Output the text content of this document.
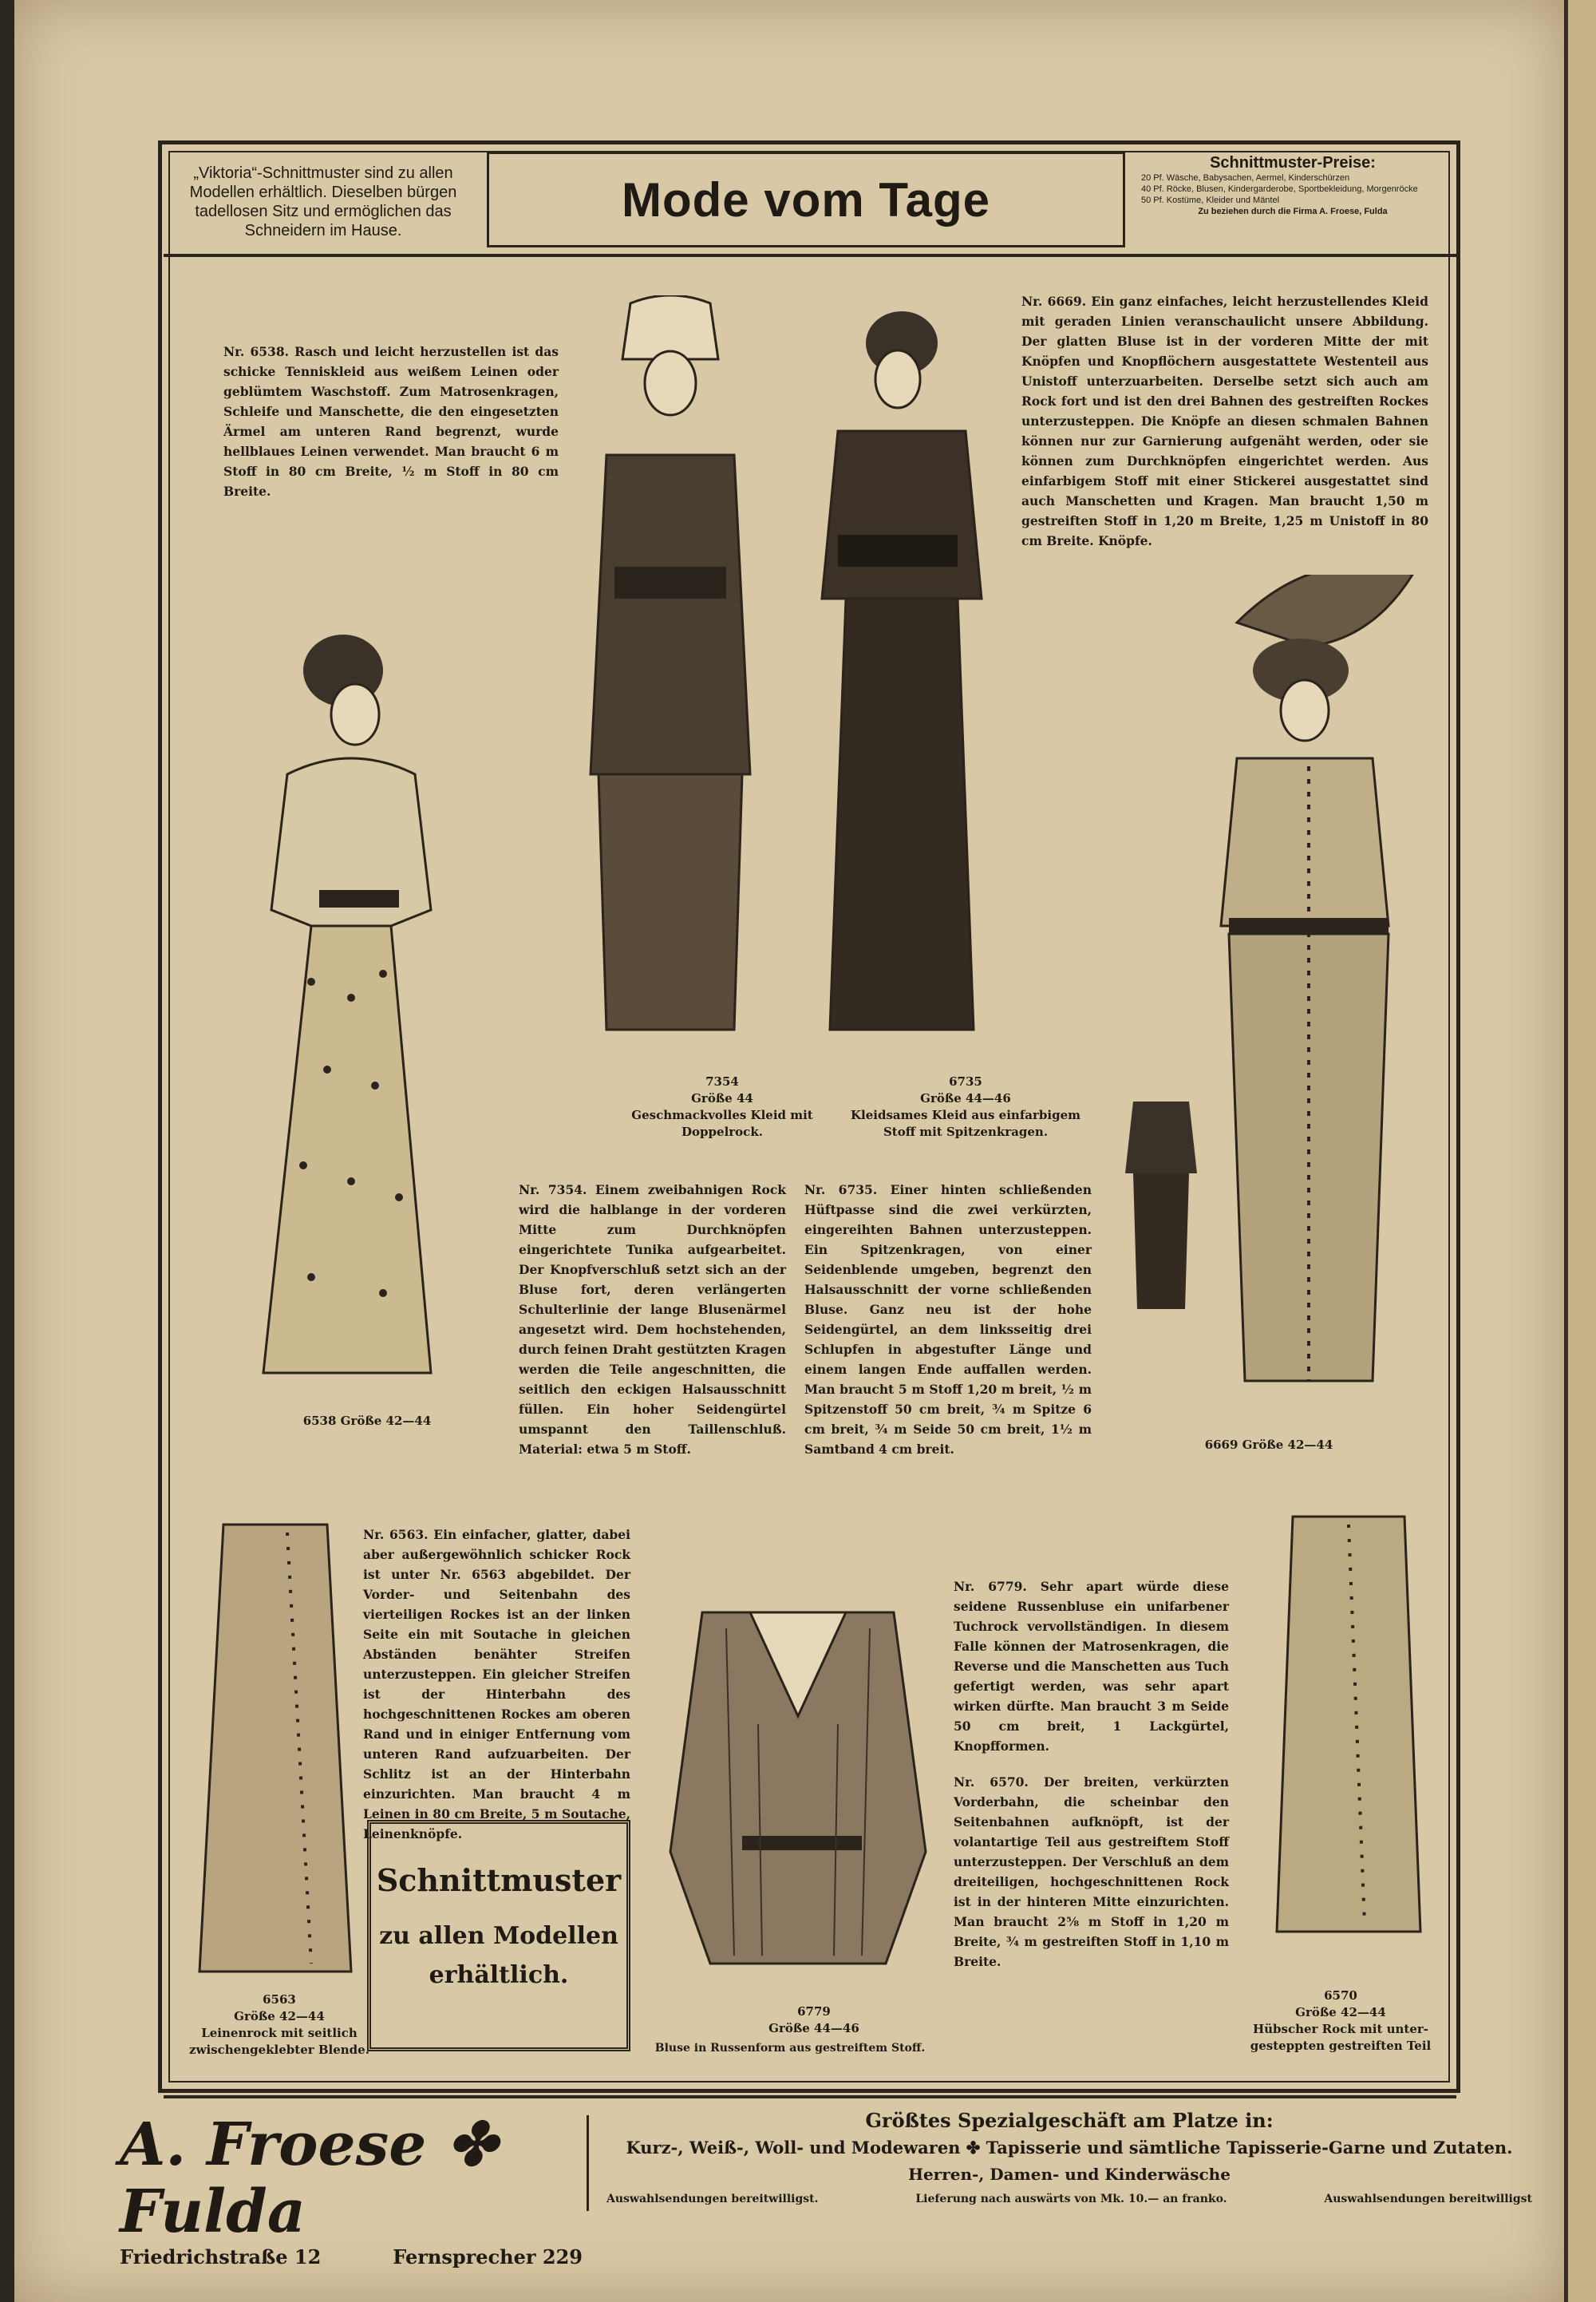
„Viktoria“-Schnittmuster sind zu allen
Modellen erhältlich. Dieselben bürgen
tadellosen Sitz und ermöglichen das
Schneidern im Hause.
Mode vom Tage
Schnittmuster-Preise:
20 Pf. Wäsche, Babysachen, Aermel, Kinderschürzen
40 Pf. Röcke, Blusen, Kindergarderobe, Sportbekleidung, Morgenröcke
50 Pf. Kostüme, Kleider und Mäntel
Zu beziehen durch die Firma A. Froese, Fulda
Nr. 6538. Rasch und leicht herzustellen ist das schicke Tenniskleid aus weißem Leinen oder geblümtem Waschstoff. Zum Matrosenkragen, Schleife und Manschette, die den eingesetzten Ärmel am unteren Rand begrenzt, wurde hellblaues Leinen verwendet. Man braucht 6 m Stoff in 80 cm Breite, ½ m Stoff in 80 cm Breite.
Nr. 6669. Ein ganz einfaches, leicht herzustellendes Kleid mit geraden Linien veranschaulicht unsere Abbildung. Der glatten Bluse ist in der vorderen Mitte der mit Knöpfen und Knopflöchern ausgestattete Westenteil aus Unistoff unterzuarbeiten. Derselbe setzt sich auch am Rock fort und ist den drei Bahnen des gestreiften Rockes unterzusteppen. Die Knöpfe an diesen schmalen Bahnen können nur zur Garnierung aufgenäht werden, oder sie können zum Durchknöpfen eingerichtet werden. Aus einfarbigem Stoff mit einer Stickerei ausgestattet sind auch Manschetten und Kragen. Man braucht 1,50 m gestreiften Stoff in 1,20 m Breite, 1,25 m Unistoff in 80 cm Breite. Knöpfe.
Nr. 7354. Einem zweibahnigen Rock wird die halblange in der vorderen Mitte zum Durchknöpfen eingerichtete Tunika aufgearbeitet. Der Knopfverschluß setzt sich an der Bluse fort, deren verlängerten Schulterlinie der lange Blusenärmel angesetzt wird. Dem hochstehenden, durch feinen Draht gestützten Kragen werden die Teile angeschnitten, die seitlich den eckigen Halsausschnitt füllen. Ein hoher Seidengürtel umspannt den Taillenschluß. Material: etwa 5 m Stoff.
Nr. 6735. Einer hinten schließenden Hüftpasse sind die zwei verkürzten, eingereihten Bahnen unterzusteppen. Ein Spitzenkragen, von einer Seidenblende umgeben, begrenzt den Halsausschnitt der vorne schließenden Bluse. Ganz neu ist der hohe Seidengürtel, an dem linksseitig drei Schlupfen in abgestufter Länge und einem langen Ende auffallen werden. Man braucht 5 m Stoff 1,20 m breit, ½ m Spitzenstoff 50 cm breit, ¾ m Spitze 6 cm breit, ¾ m Seide 50 cm breit, 1½ m Samtband 4 cm breit.
Nr. 6563. Ein einfacher, glatter, dabei aber außergewöhnlich schicker Rock ist unter Nr. 6563 abgebildet. Der Vorder- und Seitenbahn des vierteiligen Rockes ist an der linken Seite ein mit Soutache in gleichen Abständen benähter Streifen unterzusteppen. Ein gleicher Streifen ist der Hinterbahn des hochgeschnittenen Rockes am oberen Rand und in einiger Entfernung vom unteren Rand aufzuarbeiten. Der Schlitz ist an der Hinterbahn einzurichten. Man braucht 4 m Leinen in 80 cm Breite, 5 m Soutache, Leinenknöpfe.
Nr. 6779. Sehr apart würde diese seidene Russenbluse ein unifarbener Tuchrock vervollständigen. In diesem Falle können der Matrosenkragen, die Reverse und die Manschetten aus Tuch gefertigt werden, was sehr apart wirken dürfte. Man braucht 3 m Seide 50 cm breit, 1 Lackgürtel, Knopfformen.
Nr. 6570. Der breiten, verkürzten Vorderbahn, die scheinbar den Seitenbahnen aufknöpft, ist der volantartige Teil aus gestreiftem Stoff unterzusteppen. Der Verschluß an dem dreiteiligen, hochgeschnittenen Rock ist in der hinteren Mitte einzurichten. Man braucht 2⅝ m Stoff in 1,20 m Breite, ¾ m gestreiften Stoff in 1,10 m Breite.
7354
Größe 44
Geschmackvolles Kleid mit
Doppelrock.
6735
Größe 44—46
Kleidsames Kleid aus einfarbigem
Stoff mit Spitzenkragen.
6538 Größe 42—44
6669 Größe 42—44
6563
Größe 42—44
Leinenrock mit seitlich
zwischengeklebter Blende.
6779
Größe 44—46
Bluse in Russenform aus gestreiftem Stoff.
6570
Größe 42—44
Hübscher Rock mit unter-
gesteppten gestreiften Teil
Schnittmuster
zu allen Modellen
erhältlich.
A. Froese ✤ Fulda
Friedrichstraße 12	Fernsprecher 229
Größtes Spezialgeschäft am Platze in:
Kurz-, Weiß-, Woll- und Modewaren ✤ Tapisserie und sämtliche Tapisserie-Garne und Zutaten.
Herren-, Damen- und Kinderwäsche
Auswahlsendungen bereitwilligst.	Lieferung nach auswärts von Mk. 10.— an franko.	Auswahlsendungen bereitwilligst
